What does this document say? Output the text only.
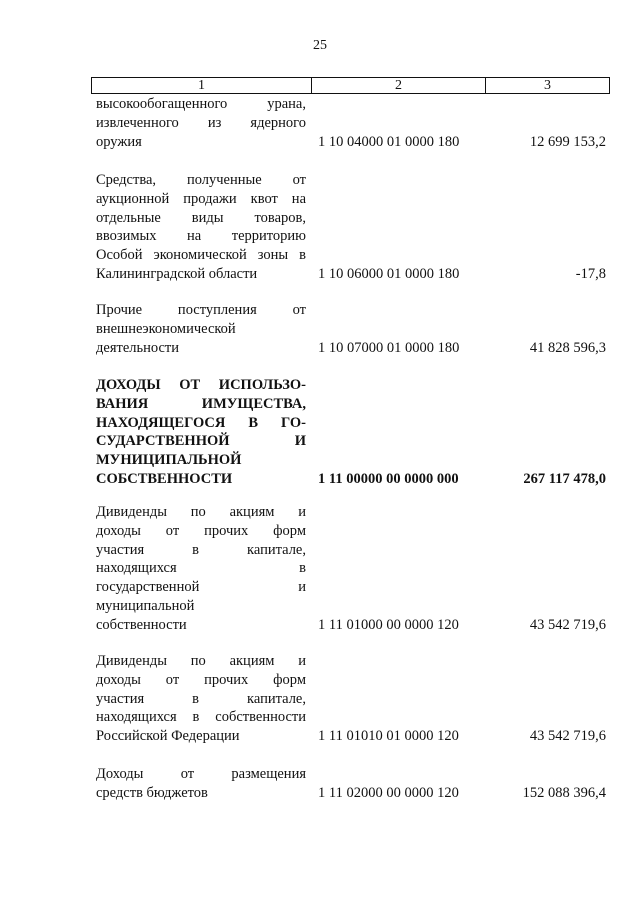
25
1	2	3
высокообогащенного урана,
извлеченного из ядерного
оружия	1 10 04000 01 0000 180	12 699 153,2
Средства, полученные от
аукционной продажи квот на
отдельные виды товаров,
ввозимых на территорию
Особой экономической зоны в
Калининградской области	1 10 06000 01 0000 180	-17,8
Прочие поступления от
внешнеэкономической
деятельности	1 10 07000 01 0000 180	41 828 596,3
ДОХОДЫ ОТ ИСПОЛЬЗО-
ВАНИЯ ИМУЩЕСТВА,
НАХОДЯЩЕГОСЯ В ГО-
СУДАРСТВЕННОЙ И
МУНИЦИПАЛЬНОЙ
СОБСТВЕННОСТИ	1 11 00000 00 0000 000	267 117 478,0
Дивиденды по акциям и
доходы от прочих форм
участия в капитале,
находящихся в
государственной и
муниципальной
собственности	1 11 01000 00 0000 120	43 542 719,6
Дивиденды по акциям и
доходы от прочих форм
участия в капитале,
находящихся в собственности
Российской Федерации	1 11 01010 01 0000 120	43 542 719,6
Доходы от размещения
средств бюджетов	1 11 02000 00 0000 120	152 088 396,4
